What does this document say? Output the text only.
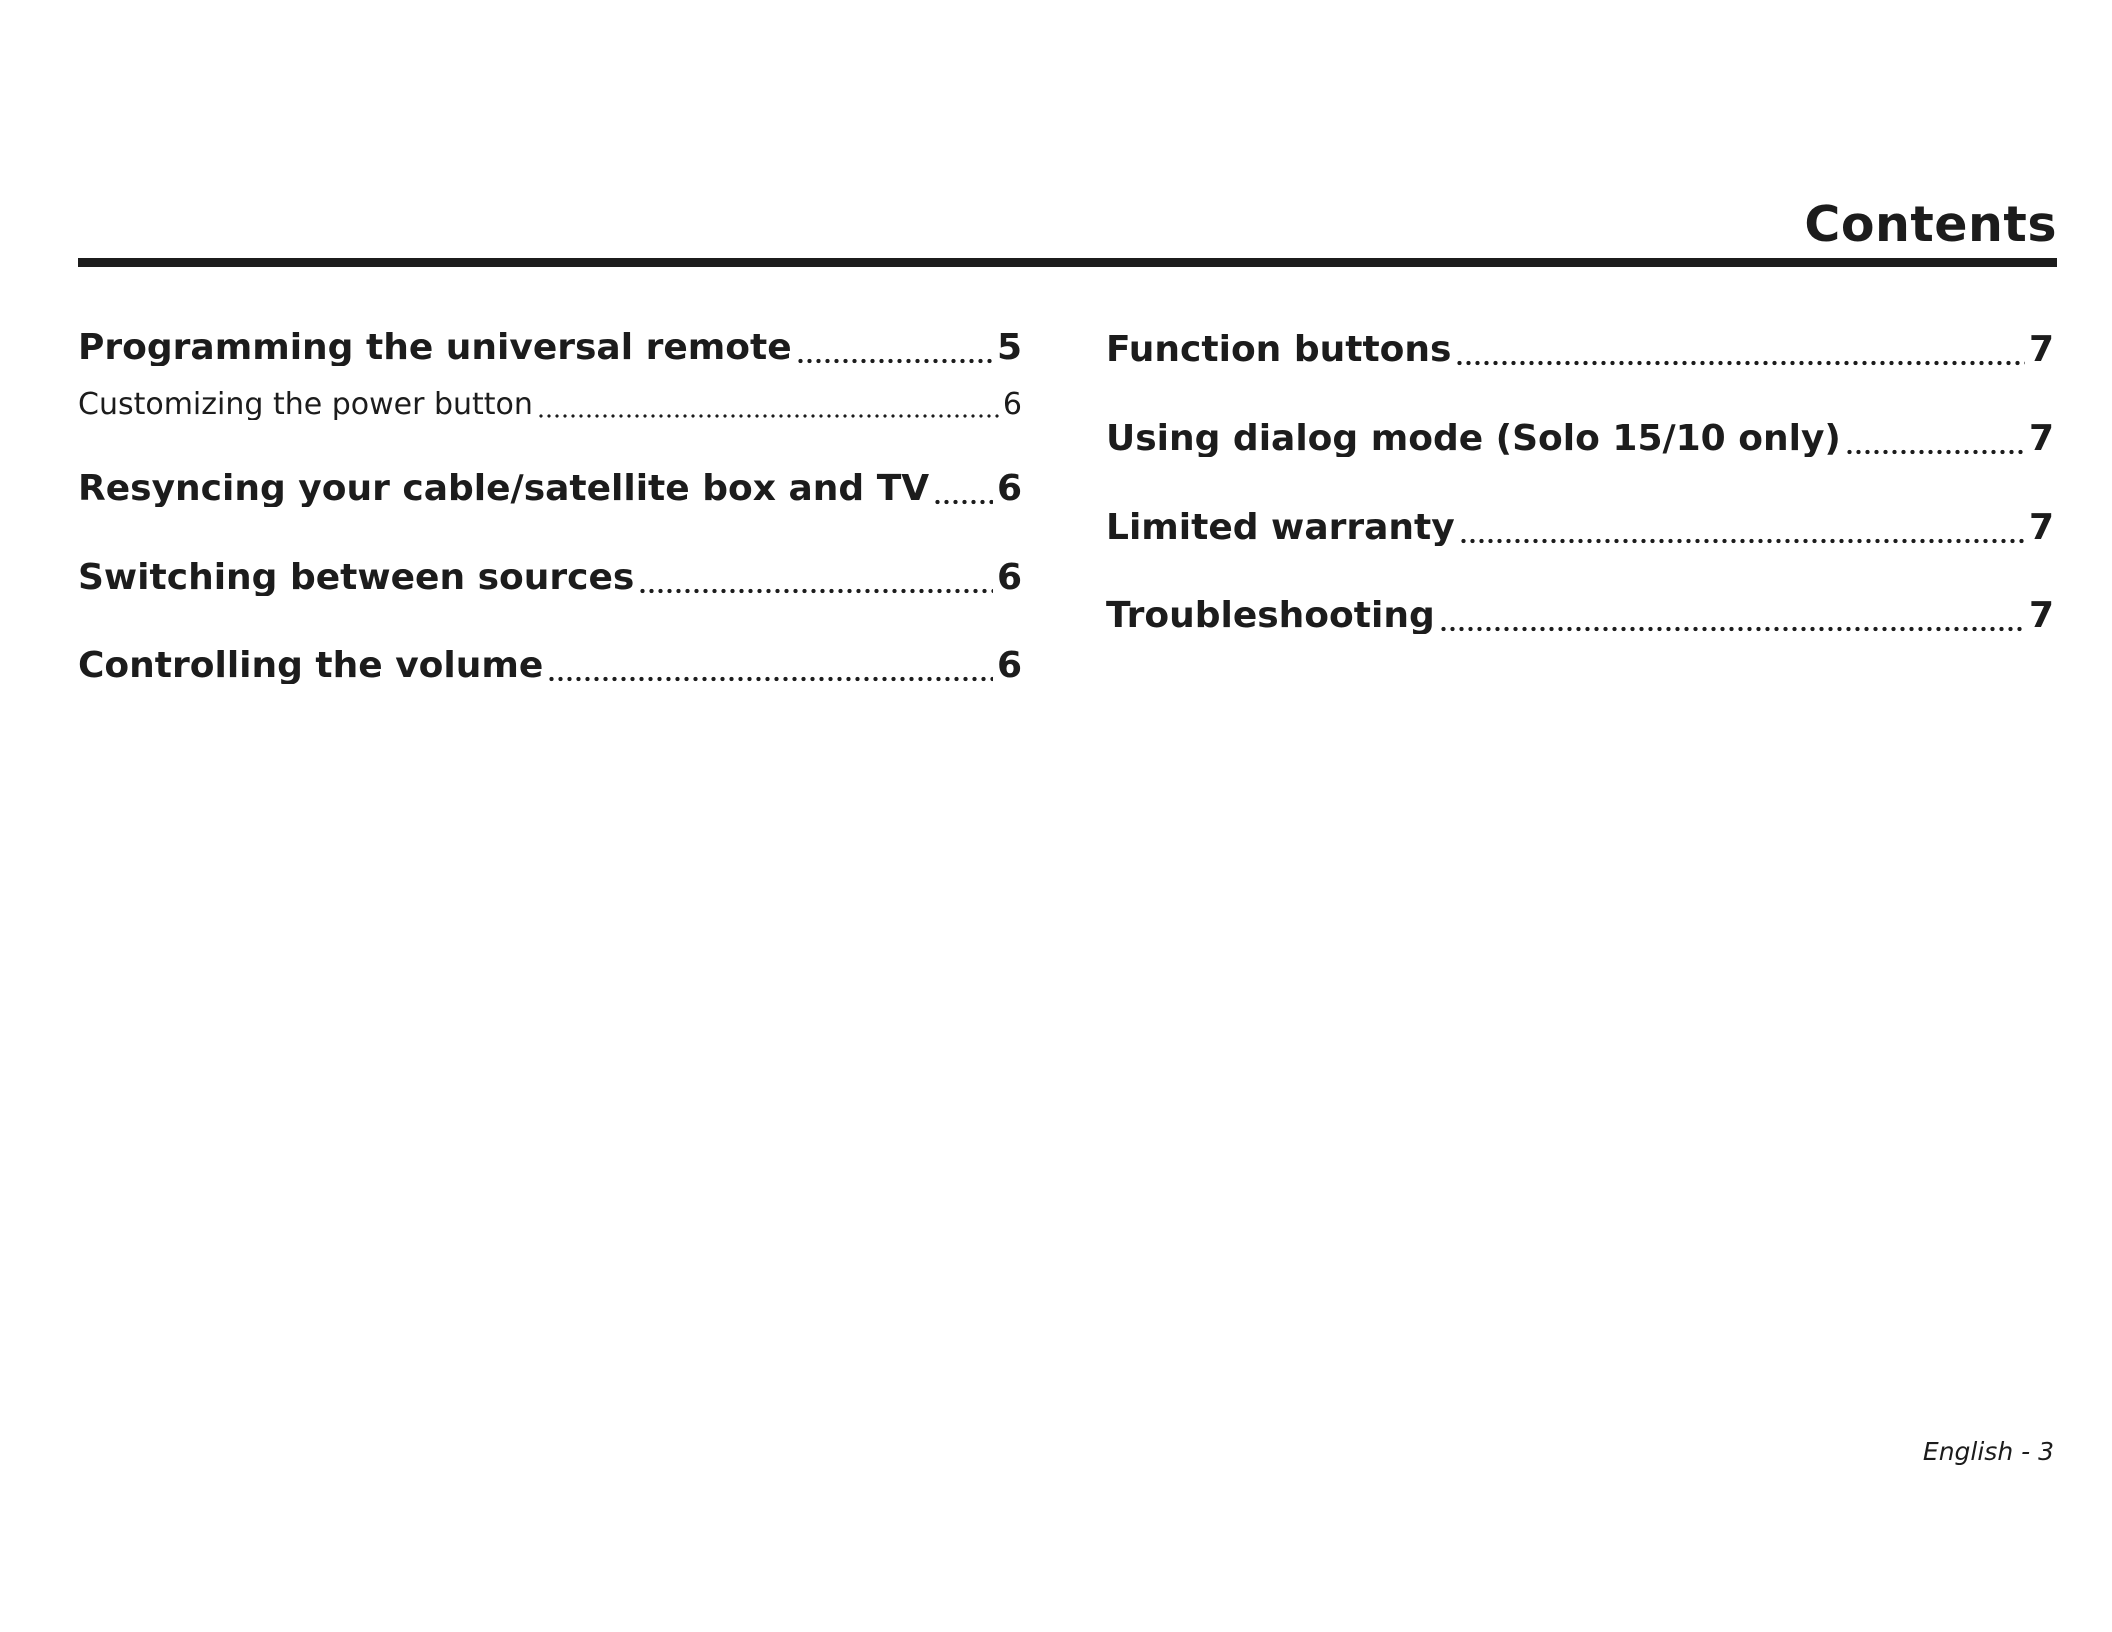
Contents
Programming the universal remote	5
Customizing the power button	6
Resyncing your cable/satellite box and TV 6
Switching between sources	6
Controlling the volume	6
Function buttons	7
Using dialog mode (Solo 15/10 only)	7
Limited warranty	7
Troubleshooting	7
English - 3
